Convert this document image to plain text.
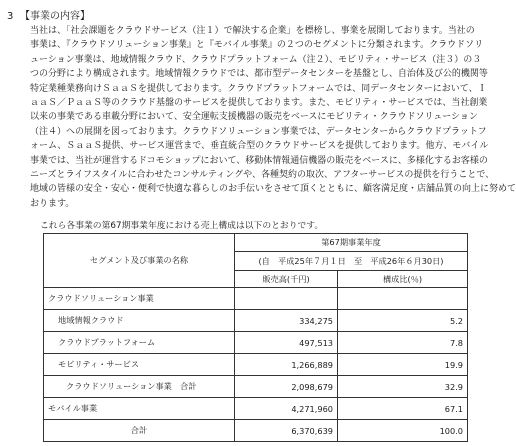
3 【事業の内容】
当社は、「社会課題をクラウドサービス（注１）で解決する企業」を標榜し、事業を展開しております。当社の
事業は、『クラウドソリューション事業』と『モバイル事業』の２つのセグメントに分類されます。クラウドソリ
ューション事業は、地域情報クラウド、クラウドプラットフォーム（注２）、モビリティ・サービス（注３）の３
つの分野により構成されます。地域情報クラウドでは、都市型データセンターを基盤とし、自治体及び公的機関等
特定業種業務向けＳａａＳを提供しております。クラウドプラットフォームでは、同データセンターにおいて、Ｉ
ａａＳ／ＰａａＳ等のクラウド基盤のサービスを提供しております。また、モビリティ・サービスでは、当社創業
以来の事業である車載分野において、安全運転支援機器の販売をベースにモビリティ・クラウドソリューション
（注４）への展開を図っております。クラウドソリューション事業では、データセンターからクラウドプラットフ
ォーム、ＳａａＳ提供、サービス運営まで、垂直統合型のクラウドサービスを提供しております。他方、モバイル
事業では、当社が運営するドコモショップにおいて、移動体情報通信機器の販売をベースに、多様化するお客様の
ニーズとライフスタイルに合わせたコンサルティングや、各種契約の取次、アフターサービスの提供を行うことで、
地域の皆様の安全・安心・便利で快適な暮らしのお手伝いをさせて頂くとともに、顧客満足度・店舗品質の向上に努めて
おります。
これら各事業の第67期事業年度における売上構成は以下のとおりです。
セグメント及び事業の名称	第67期事業年度	
	(自　平成25年７月１日　至　平成26年６月30日)	
	販売高(千円)	構成比(％)
クラウドソリューション事業		
地域情報クラウド	334,275	5.2
クラウドプラットフォーム	497,513	7.8
モビリティ・サービス	1,266,889	19.9
クラウドソリューション事業　合計	2,098,679	32.9
モバイル事業	4,271,960	67.1
合計	6,370,639	100.0
